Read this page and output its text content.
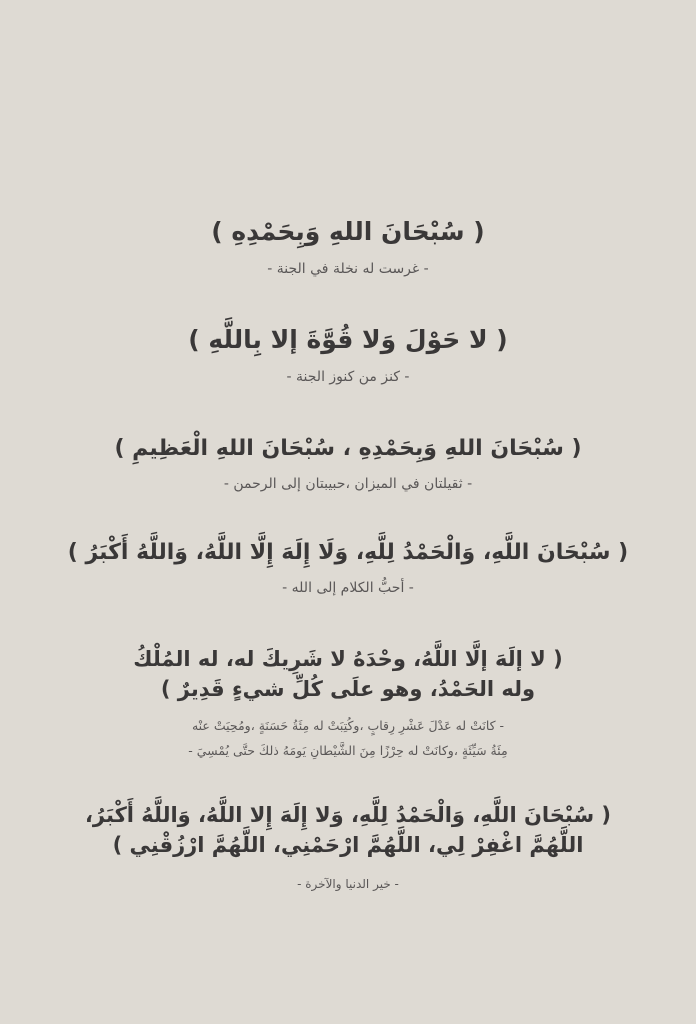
( سُبْحَانَ اللهِ وَبِحَمْدِهِ )

- غرست له نخلة في الجنة -

( لا حَوْلَ وَلا قُوَّةَ إلا بِاللَّهِ )

- كنز من كنوز الجنة -

( سُبْحَانَ اللهِ وَبِحَمْدِهِ ، سُبْحَانَ اللهِ الْعَظِيمِ )

- ثقيلتان في الميزان ،حبيبتان إلى الرحمن -

( سُبْحَانَ اللَّهِ، وَالْحَمْدُ لِلَّهِ، وَلَا إِلَهَ إِلَّا اللَّهُ، وَاللَّهُ أَكْبَرُ )

- أحبُّ الكلام إلى الله -

( لا إلَهَ إلَّا اللَّهُ، وحْدَهُ لا شَرِيكَ له، له المُلْكُ

وله الحَمْدُ، وهو علَى كُلِّ شيءٍ قَدِيرٌ )

- كانَتْ له عَدْلَ عَشْرِ رِقابٍ ،وكُتِبَتْ له مِئَةُ حَسَنَةٍ ،ومُحِيَتْ عنْه

مِئَةُ سَيِّئَةٍ ،وكانَتْ له حِرْزًا مِنَ الشَّيْطانِ يَومَهُ ذلكَ حتَّى يُمْسِيَ -

( سُبْحَانَ اللَّهِ، وَالْحَمْدُ لِلَّهِ، وَلا إِلَهَ إِلا اللَّهُ، وَاللَّهُ أَكْبَرُ،

اللَّهُمَّ اغْفِرْ لِي، اللَّهُمَّ ارْحَمْنِي، اللَّهُمَّ ارْزُقْنِي )

- خير الدنيا والآخرة -
